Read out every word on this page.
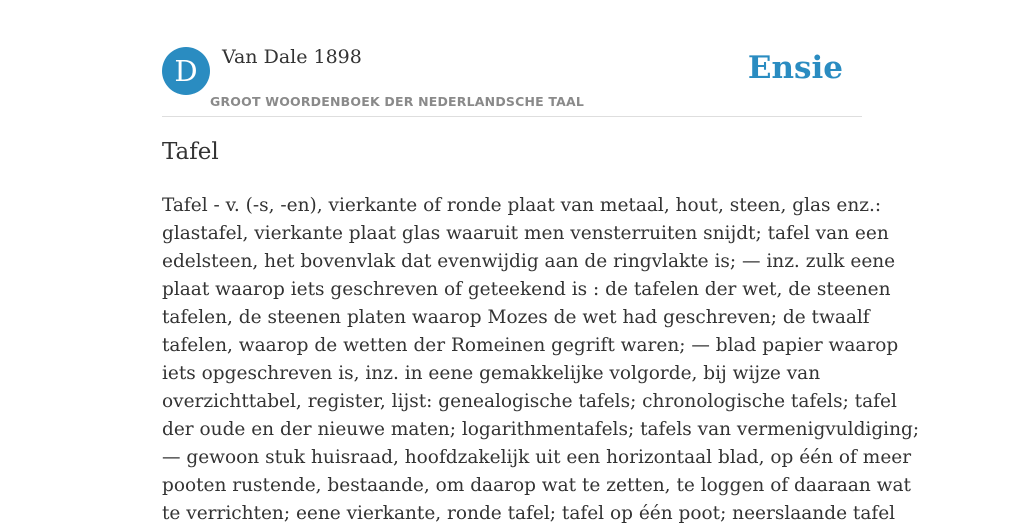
D	Van Dale 1898
GROOT WOORDENBOEK DER NEDERLANDSCHE TAAL
Ensie
Tafel

Tafel - v. (-s, -en), vierkante of ronde plaat van metaal, hout, steen, glas enz.:
glastafel, vierkante plaat glas waaruit men vensterruiten snijdt; tafel van een
edelsteen, het bovenvlak dat evenwijdig aan de ringvlakte is; — inz. zulk eene
plaat waarop iets geschreven of geteekend is : de tafelen der wet, de steenen
tafelen, de steenen platen waarop Mozes de wet had geschreven; de twaalf
tafelen, waarop de wetten der Romeinen gegrift waren; — blad papier waarop
iets opgeschreven is, inz. in eene gemakkelijke volgorde, bij wijze van
overzichttabel, register, lijst: genealogische tafels; chronologische tafels; tafel
der oude en der nieuwe maten; logarithmentafels; tafels van vermenigvuldiging;
— gewoon stuk huisraad, hoofdzakelijk uit een horizontaal blad, op één of meer
pooten rustende, bestaande, om daarop wat te zetten, te loggen of daaraan wat
te verrichten; eene vierkante, ronde tafel; tafel op één poot; neerslaande tafel
